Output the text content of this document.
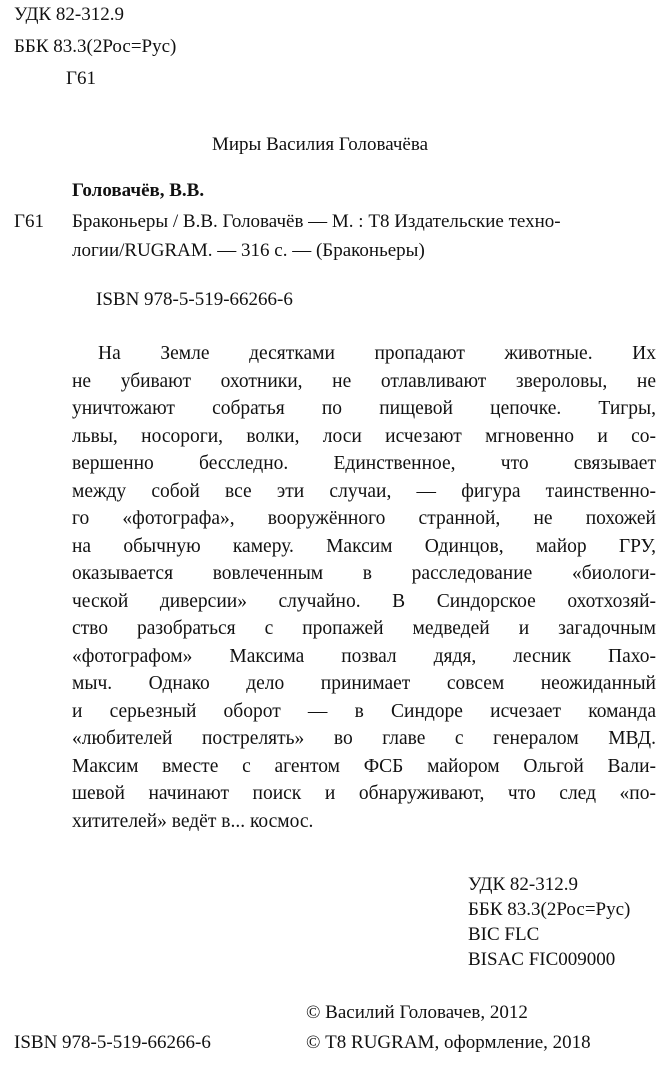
УДК 82-312.9
ББК 83.3(2Рос=Рус)
Г61
Миры Василия Головачёва
Головачёв, В.В.
Г61 Браконьеры / В.В. Головачёв — М. : Т8 Издательские техно-
логии/RUGRAM. — 316 с. — (Браконьеры)
ISBN 978-5-519-66266-6
На Земле десятками пропадают животные. Их
не убивают охотники, не отлавливают звероловы, не
уничтожают собратья по пищевой цепочке. Тигры,
львы, носороги, волки, лоси исчезают мгновенно и со-
вершенно бесследно. Единственное, что связывает
между собой все эти случаи, — фигура таинственно-
го «фотографа», вооружённого странной, не похожей
на обычную камеру. Максим Одинцов, майор ГРУ,
оказывается вовлеченным в расследование «биологи-
ческой диверсии» случайно. В Синдорское охотхозяй-
ство разобраться с пропажей медведей и загадочным
«фотографом» Максима позвал дядя, лесник Пахо-
мыч. Однако дело принимает совсем неожиданный
и серьезный оборот — в Синдоре исчезает команда
«любителей пострелять» во главе с генералом МВД.
Максим вместе с агентом ФСБ майором Ольгой Вали-
шевой начинают поиск и обнаруживают, что след «по-
хитителей» ведёт в... космос.
УДК 82-312.9
ББК 83.3(2Рос=Рус)
BIC FLC
BISAC FIC009000
© Василий Головачев, 2012
ISBN 978-5-519-66266-6	© Т8 RUGRAM, оформление, 2018
